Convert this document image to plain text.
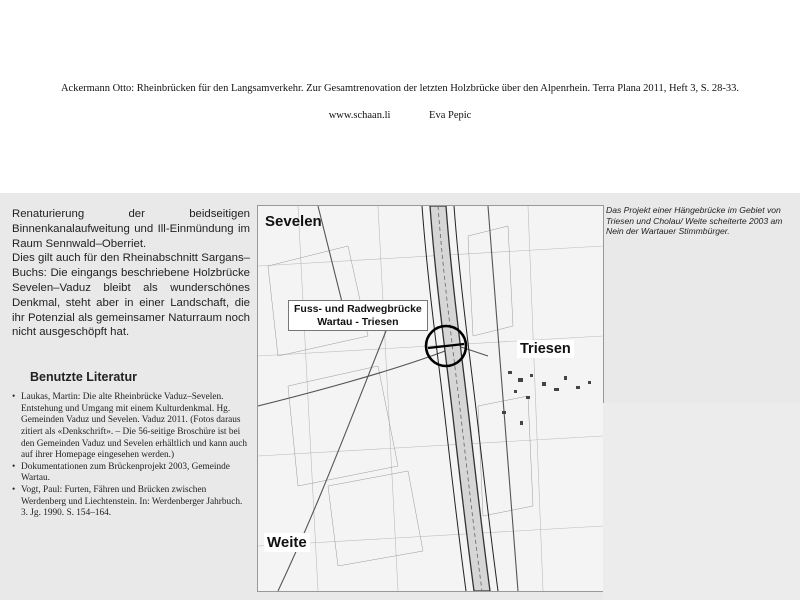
Ackermann Otto: Rheinbrücken für den Langsamverkehr. Zur Gesamtrenovation der letzten Holzbrücke über den Alpenrhein. Terra Plana 2011, Heft 3, S. 28-33.
www.schaan.li	Eva Pepic

Renaturierung der beidseitigen Binnenkanalaufweitung und Ill-Einmündung im Raum Sennwald–Oberriet.

Dies gilt auch für den Rheinabschnitt Sargans–Buchs: Die eingangs beschriebene Holzbrücke Sevelen–Vaduz bleibt als wunderschönes Denkmal, steht aber in einer Landschaft, die ihr Potenzial als gemeinsamer Naturraum noch nicht ausgeschöpft hat.

Benutzte Literatur
• Laukas, Martin: Die alte Rheinbrücke Vaduz–Sevelen. Entstehung und Umgang mit einem Kulturdenkmal. Hg. Gemeinden Vaduz und Sevelen. Vaduz 2011. (Fotos daraus zitiert als «Denkschrift». – Die 56-seitige Broschüre ist bei den Gemeinden Vaduz und Sevelen erhältlich und kann auch auf ihrer Homepage eingesehen werden.)
• Dokumentationen zum Brückenprojekt 2003, Gemeinde Wartau.
• Vogt, Paul: Furten, Fähren und Brücken zwischen Werdenberg und Liechtenstein. In: Werdenberger Jahrbuch. 3. Jg. 1990. S. 154–164.
Sevelen
Triesen
Weite
Fuss- und Radwegbrücke
Wartau - Triesen
Das Projekt einer Hängebrücke im Gebiet von Triesen und Cholau/ Weite scheiterte 2003 am Nein der Wartauer Stimmbürger.
